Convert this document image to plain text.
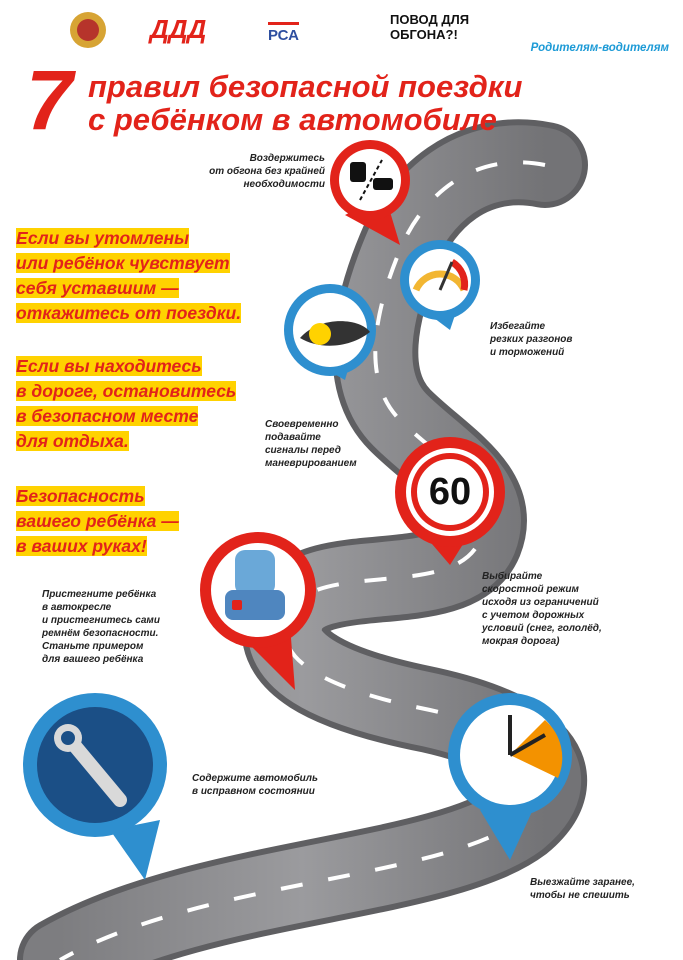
ДДД	РСА
ПОВОД ДЛЯ ОБГОНА?!
Родителям-водителям
7 правил безопасной поездки
с ребёнком в автомобиле
Если вы утомлены
или ребёнок чувствует
себя уставшим —
откажитесь от поездки.
Если вы находитесь
в дороге, остановитесь
в безопасном месте
для отдыха.
Безопасность
вашего ребёнка —
в ваших руках!
60
Воздержитесь
от обгона без крайней
необходимости
Избегайте
резких разгонов
и торможений
Своевременно
подавайте
сигналы перед
маневрированием
Выбирайте
скоростной режим
исходя из ограничений
с учетом дорожных
условий (снег, гололёд,
мокрая дорога)
Пристегните ребёнка
в автокресле
и пристегнитесь сами
ремнём безопасности.
Станьте примером
для вашего ребёнка
Содержите автомобиль
в исправном состоянии
Выезжайте заранее,
чтобы не спешить
